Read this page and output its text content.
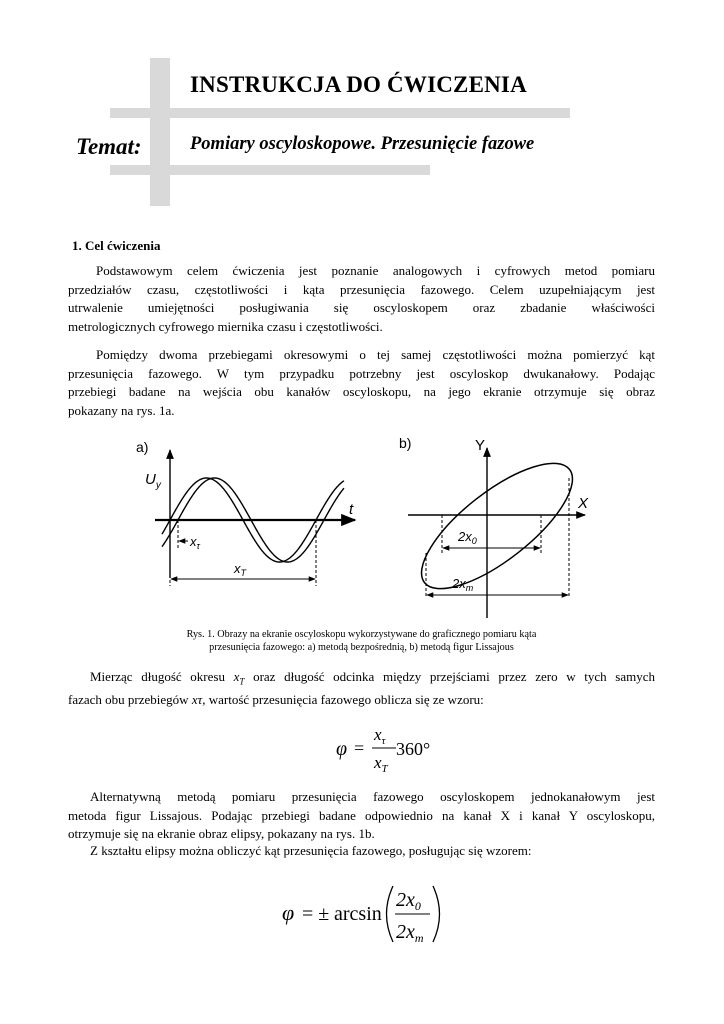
INSTRUKCJA DO ĆWICZENIA
Temat:	Pomiary oscyloskopowe. Przesunięcie fazowe
1. Cel ćwiczenia
Podstawowym celem ćwiczenia jest poznanie analogowych i cyfrowych metod pomiaru
przedziałów czasu, częstotliwości i kąta przesunięcia fazowego. Celem uzupełniającym jest
utrwalenie umiejętności posługiwania się oscyloskopem oraz zbadanie właściwości
metrologicznych cyfrowego miernika czasu i częstotliwości.
Pomiędzy dwoma przebiegami okresowymi o tej samej częstotliwości można pomierzyć kąt
przesunięcia fazowego. W tym przypadku potrzebny jest oscyloskop dwukanałowy. Podając
przebiegi badane na wejścia obu kanałów oscyloskopu, na jego ekranie otrzymuje się obraz
pokazany na rys. 1a.
a)
$U_y$
t
$x_\tau$
$x_T$
b)	Y
X
$2x_0$
$2x_m$
Rys. 1. Obrazy na ekranie oscyloskopu wykorzystywane do graficznego pomiaru kąta
przesunięcia fazowego: a) metodą bezpośrednią, b) metodą figur Lissajous
Mierząc długość okresu $x_T$ oraz długość odcinka między przejściami przez zero w tych samych
fazach obu przebiegów xτ, wartość przesunięcia fazowego oblicza się ze wzoru:
φ =
$x_\tau$
$x_T$
360°
Alternatywną metodą pomiaru przesunięcia fazowego oscyloskopem jednokanałowym jest
metoda figur Lissajous. Podając przebiegi badane odpowiednio na kanał X i kanał Y oscyloskopu,
otrzymuje się na ekranie obraz elipsy, pokazany na rys. 1b.
Z kształtu elipsy można obliczyć kąt przesunięcia fazowego, posługując się wzorem:
φ = ± arcsin
$2x_0$
$2x_m$
